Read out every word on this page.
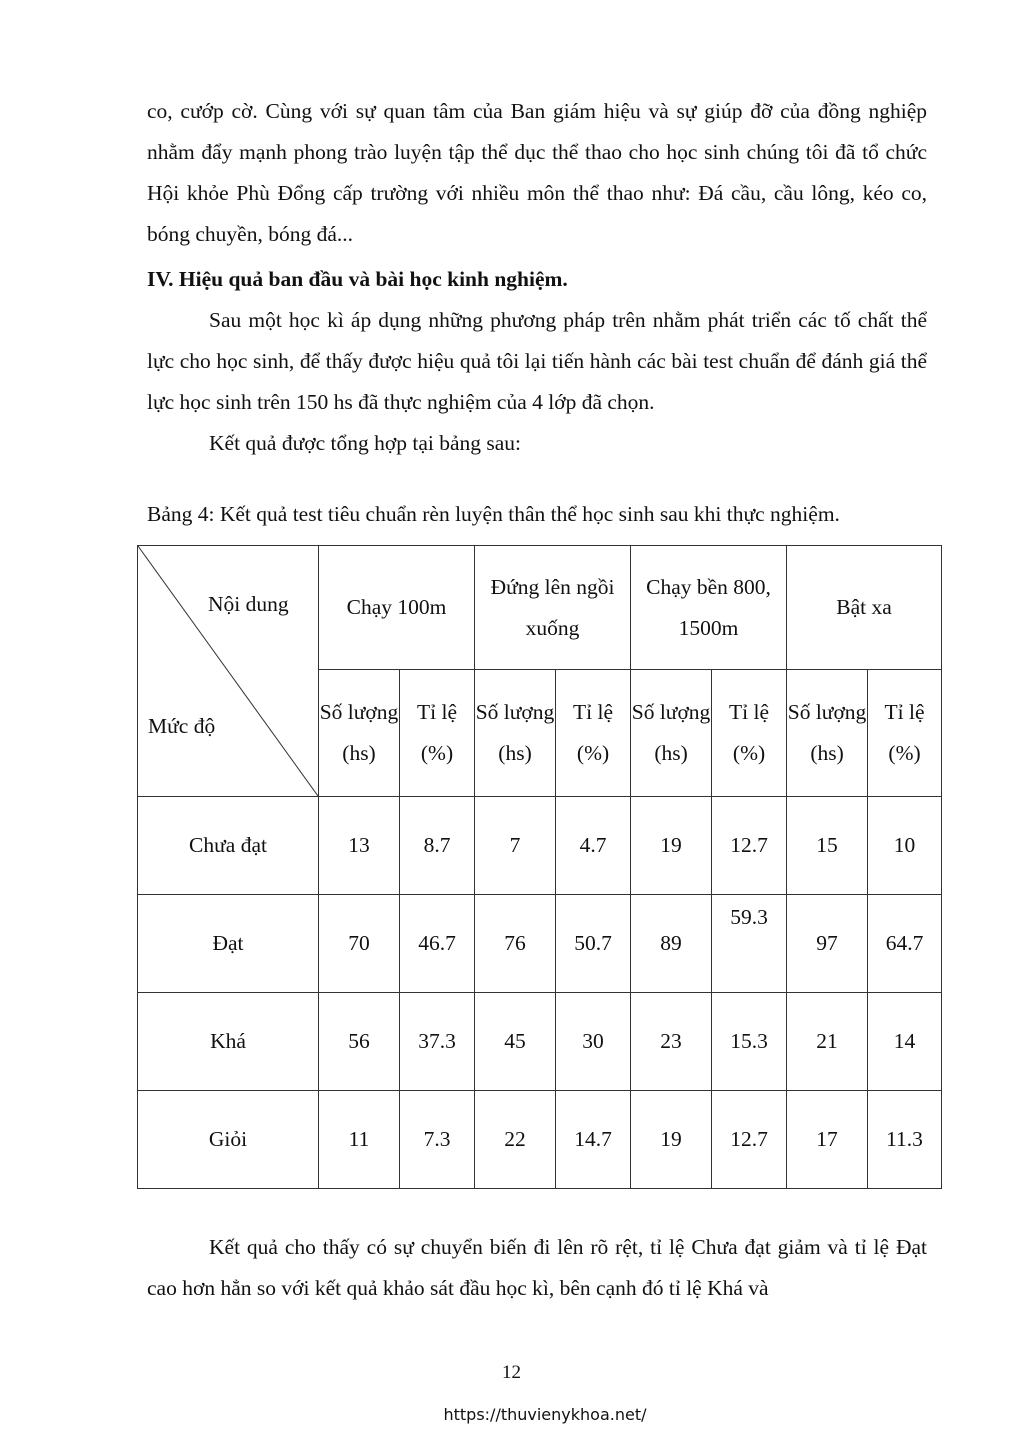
co, cướp cờ. Cùng với sự quan tâm của Ban giám hiệu và sự giúp đỡ của đồng nghiệp nhằm đẩy mạnh phong trào luyện tập thể dục thể thao cho học sinh chúng tôi đã tổ chức Hội khỏe Phù Đổng cấp trường với nhiều môn thể thao như: Đá cầu, cầu lông, kéo co, bóng chuyền, bóng đá...

IV. Hiệu quả ban đầu và bài học kinh nghiệm.

Sau một học kì áp dụng những phương pháp trên nhằm phát triển các tố chất thể lực cho học sinh, để thấy được hiệu quả tôi lại tiến hành các bài test chuẩn để đánh giá thể lực học sinh trên 150 hs đã thực nghiệm của 4 lớp đã chọn.

Kết quả được tổng hợp tại bảng sau:

Bảng 4: Kết quả test tiêu chuẩn rèn luyện thân thể học sinh sau khi thực nghiệm.
Nội dung
Mức độ	Chạy 100m		Đứng lên ngồi xuống		Chạy bền 800, 1500m		Bật xa	
	Số lượng (hs)	Tỉ lệ (%)	Số lượng (hs)	Tỉ lệ (%)	Số lượng (hs)	Tỉ lệ (%)	Số lượng (hs)	Tỉ lệ (%)
Chưa đạt	13	8.7	7	4.7	19	12.7	15	10
Đạt	70	46.7	76	50.7	89	59.3	97	64.7
Khá	56	37.3	45	30	23	15.3	21	14
Giỏi	11	7.3	22	14.7	19	12.7	17	11.3

Kết quả cho thấy có sự chuyển biến đi lên rõ rệt, tỉ lệ Chưa đạt giảm và tỉ lệ Đạt cao hơn hẳn so với kết quả khảo sát đầu học kì, bên cạnh đó tỉ lệ Khá và

12
https://thuvienykhoa.net/
